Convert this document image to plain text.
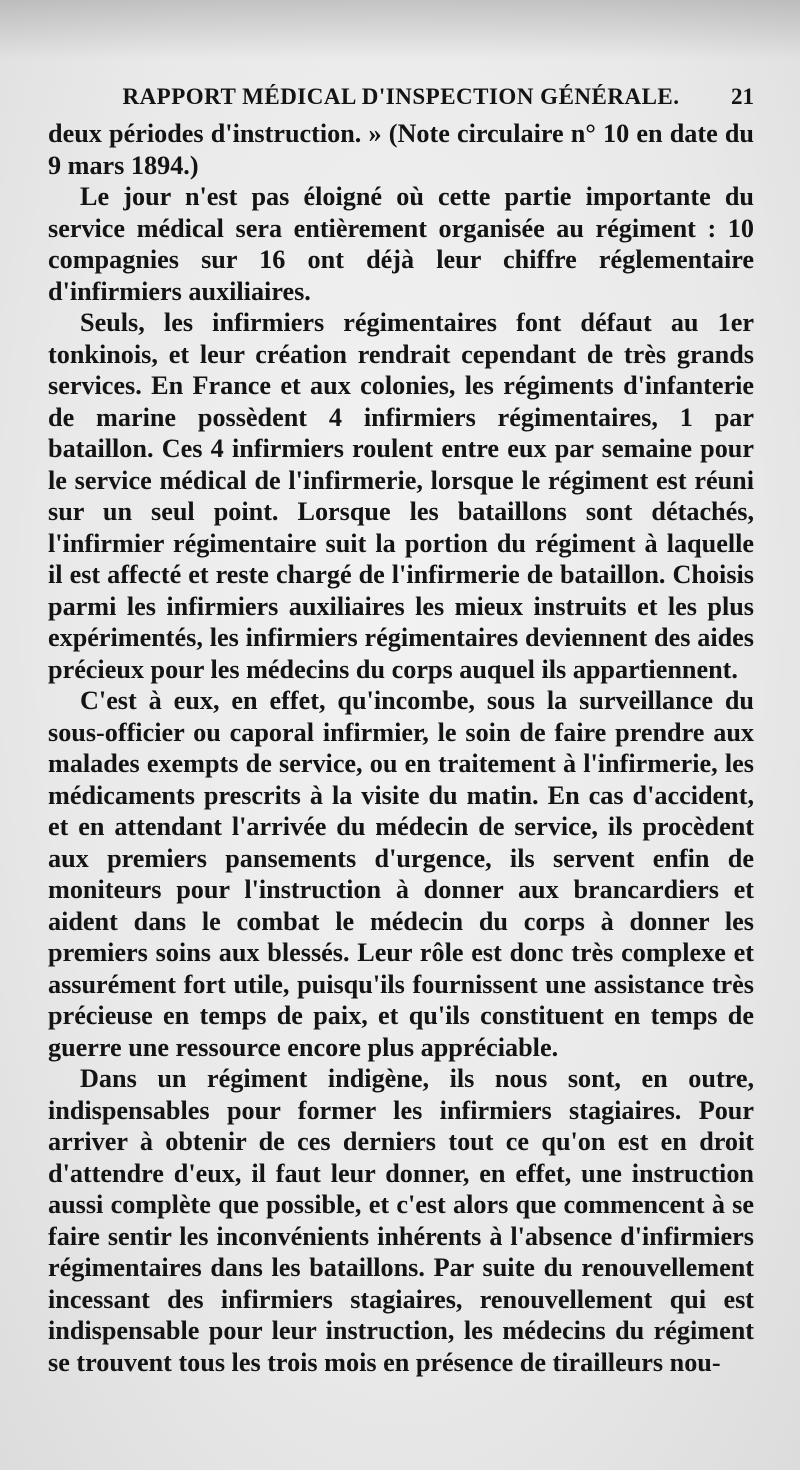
RAPPORT MÉDICAL D'INSPECTION GÉNÉRALE.	21

deux périodes d'instruction. » (Note circulaire n° 10 en date du 9 mars 1894.)

Le jour n'est pas éloigné où cette partie importante du service médical sera entièrement organisée au régiment : 10 compagnies sur 16 ont déjà leur chiffre réglementaire d'infirmiers auxiliaires.

Seuls, les infirmiers régimentaires font défaut au 1er tonkinois, et leur création rendrait cependant de très grands services. En France et aux colonies, les régiments d'infanterie de marine possèdent 4 infirmiers régimentaires, 1 par bataillon. Ces 4 infirmiers roulent entre eux par semaine pour le service médical de l'infirmerie, lorsque le régiment est réuni sur un seul point. Lorsque les bataillons sont détachés, l'infirmier régimentaire suit la portion du régiment à laquelle il est affecté et reste chargé de l'infirmerie de bataillon. Choisis parmi les infirmiers auxiliaires les mieux instruits et les plus expérimentés, les infirmiers régimentaires deviennent des aides précieux pour les médecins du corps auquel ils appartiennent.

C'est à eux, en effet, qu'incombe, sous la surveillance du sous-officier ou caporal infirmier, le soin de faire prendre aux malades exempts de service, ou en traitement à l'infirmerie, les médicaments prescrits à la visite du matin. En cas d'accident, et en attendant l'arrivée du médecin de service, ils procèdent aux premiers pansements d'urgence, ils servent enfin de moniteurs pour l'instruction à donner aux brancardiers et aident dans le combat le médecin du corps à donner les premiers soins aux blessés. Leur rôle est donc très complexe et assurément fort utile, puisqu'ils fournissent une assistance très précieuse en temps de paix, et qu'ils constituent en temps de guerre une ressource encore plus appréciable.

Dans un régiment indigène, ils nous sont, en outre, indispensables pour former les infirmiers stagiaires. Pour arriver à obtenir de ces derniers tout ce qu'on est en droit d'attendre d'eux, il faut leur donner, en effet, une instruction aussi complète que possible, et c'est alors que commencent à se faire sentir les inconvénients inhérents à l'absence d'infirmiers régimentaires dans les bataillons. Par suite du renouvellement incessant des infirmiers stagiaires, renouvellement qui est indispensable pour leur instruction, les médecins du régiment se trouvent tous les trois mois en présence de tirailleurs nou-
